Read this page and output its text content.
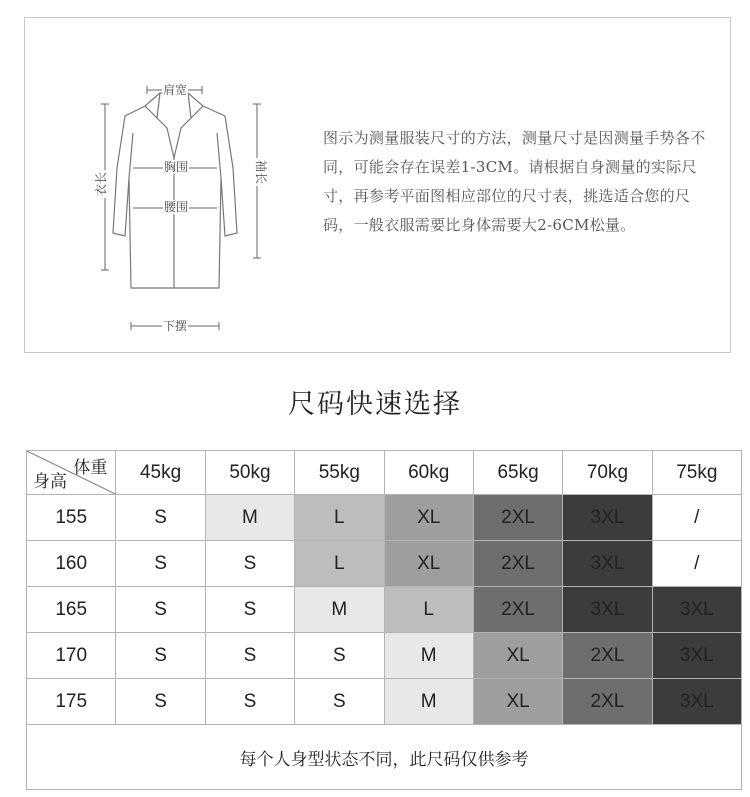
肩宽
胸围
腰围
下摆
衣长	袖长
图示为测量服装尺寸的方法，测量尺寸是因测量手势各不同，可能会存在误差1-3CM。请根据自身测量的实际尺寸，再参考平面图相应部位的尺寸表，挑选适合您的尺码，一般衣服需要比身体需要大2-6CM松量。
尺码快速选择
体重
身高	45kg	50kg	55kg	60kg	65kg	70kg	75kg
155	S	M	L	XL	2XL	3XL	/
160	S	S	L	XL	2XL	3XL	/
165	S	S	M	L	2XL	3XL	3XL
170	S	S	S	M	XL	2XL	3XL
175	S	S	S	M	XL	2XL	3XL
每个人身型状态不同，此尺码仅供参考							
